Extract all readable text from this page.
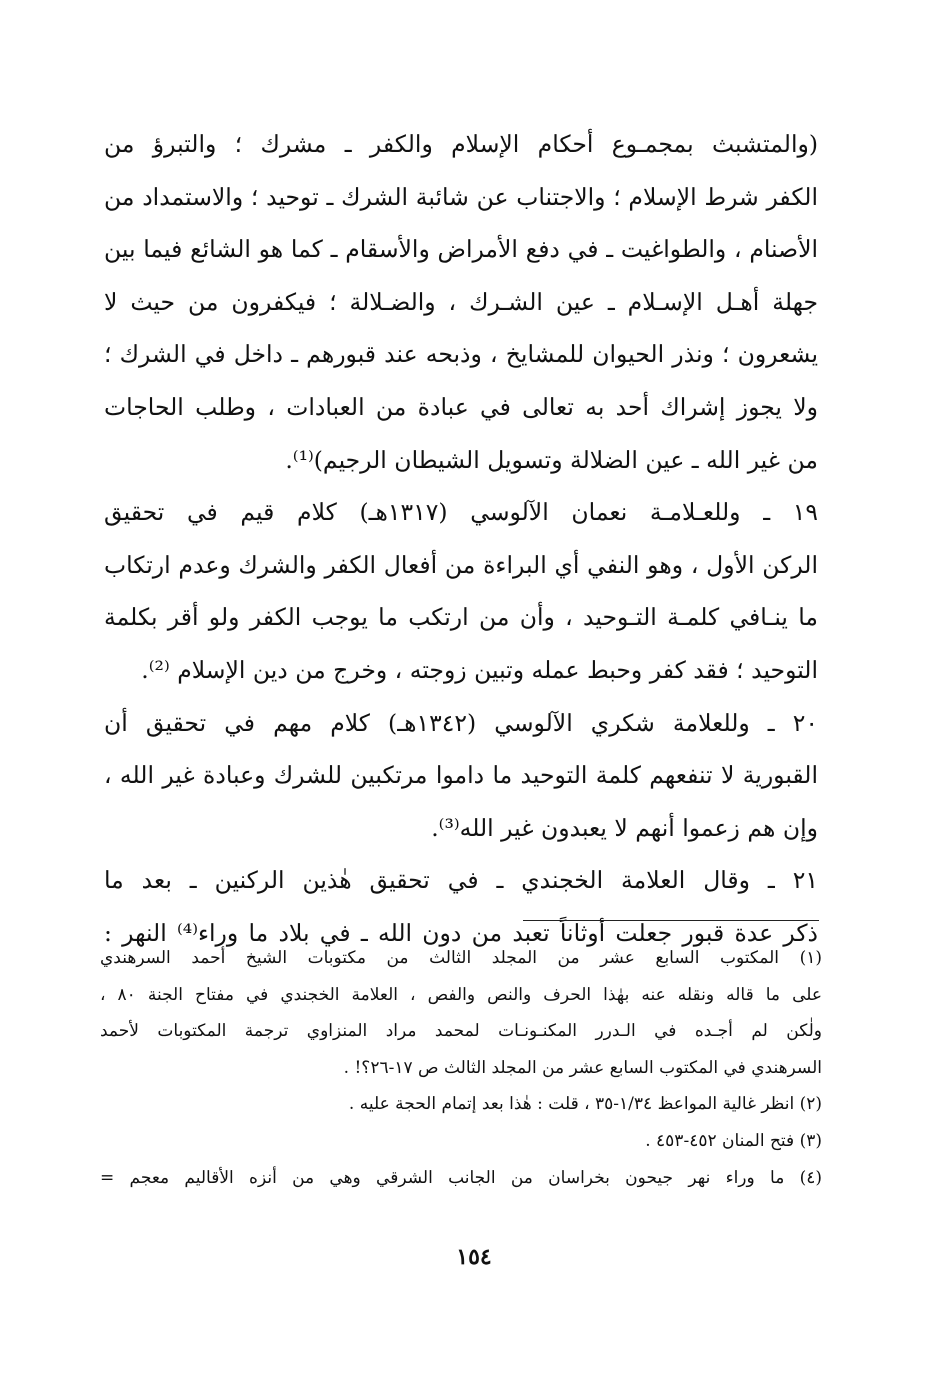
(والمتشبث بمجمـوع أحكام الإسلام والكفر ـ مشرك ؛ والتبرؤ من
الكفر شرط الإسلام ؛ والاجتناب عن شائبة الشرك ـ توحيد ؛ والاستمداد من
الأصنام ، والطواغيت ـ في دفع الأمراض والأسقام ـ كما هو الشائع فيما بين
جهلة أهـل الإسـلام ـ عين الشـرك ، والضـلالة ؛ فيكفرون من حيث لا
يشعرون ؛ ونذر الحيوان للمشايخ ، وذبحه عند قبورهم ـ داخل في الشرك ؛
ولا يجوز إشراك أحد به تعالى في عبادة من العبادات ، وطلب الحاجات
من غير الله ـ عين الضلالة وتسويل الشيطان الرجيم)⁽¹⁾.
١٩ ـ وللعـلامـة نعمان الآلوسي (١٣١٧هـ) كلام قيم في تحقيق
الركن الأول ، وهو النفي أي البراءة من أفعال الكفر والشرك وعدم ارتكاب
ما ينـافي كلمـة التـوحيد ، وأن من ارتكب ما يوجب الكفر ولو أقر بكلمة
التوحيد ؛ فقد كفر وحبط عمله وتبين زوجته ، وخرج من دين الإسلام ⁽²⁾.
٢٠ ـ وللعلامة شكري الآلوسي (١٣٤٢هـ) كلام مهم في تحقيق أن
القبورية لا تنفعهم كلمة التوحيد ما داموا مرتكبين للشرك وعبادة غير الله ،
وإن هم زعموا أنهم لا يعبدون غير الله⁽³⁾.
٢١ ـ وقال العلامة الخجندي ـ في تحقيق هٰذين الركنين ـ بعد ما
ذكر عدة قبور جعلت أوثاناً تعبد من دون الله ـ في بلاد ما وراء⁽⁴⁾ النهر :
(١) المكتوب السابع عشر من المجلد الثالث من مكتوبات الشيخ أحمد السرهندي
على ما قاله ونقله عنه بهٰذا الحرف والنص والفص ، العلامة الخجندي في مفتاح الجنة ٨٠ ،
ولٰكن لم أجـده في الـدرر المكنـونـات لمحمد مراد المنزاوي ترجمة المكتوبات لأحمد
السرهندي في المكتوب السابع عشر من المجلد الثالث ص ١٧-٢٦؟! .
(٢) انظر غالية المواعظ ١/٣٤-٣٥ ، قلت : هٰذا بعد إتمام الحجة عليه .
(٣) فتح المنان ٤٥٢-٤٥٣ .
(٤) ما وراء نهر جيحون بخراسان من الجانب الشرقي وهي من أنزه الأقاليم معجم =
١٥٤
